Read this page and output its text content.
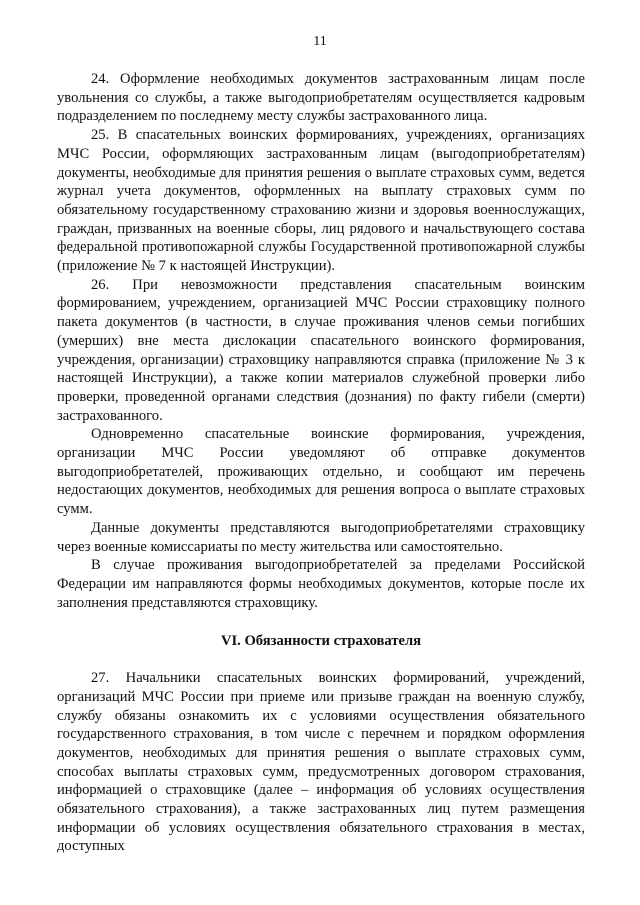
11

24. Оформление необходимых документов застрахованным лицам после увольнения со службы, а также выгодоприобретателям осуществляется кадровым подразделением по последнему месту службы застрахованного лица.

25. В спасательных воинских формированиях, учреждениях, организациях МЧС России, оформляющих застрахованным лицам (выгодоприобретателям) документы, необходимые для принятия решения о выплате страховых сумм, ведется журнал учета документов, оформленных на выплату страховых сумм по обязательному государственному страхованию жизни и здоровья военнослужащих, граждан, призванных на военные сборы, лиц рядового и начальствующего состава федеральной противопожарной службы Государственной противопожарной службы (приложение № 7 к настоящей Инструкции).

26. При невозможности представления спасательным воинским формированием, учреждением, организацией МЧС России страховщику полного пакета документов (в частности, в случае проживания членов семьи погибших (умерших) вне места дислокации спасательного воинского формирования, учреждения, организации) страховщику направляются справка (приложение № 3 к настоящей Инструкции), а также копии материалов служебной проверки либо проверки, проведенной органами следствия (дознания) по факту гибели (смерти) застрахованного.

Одновременно спасательные воинские формирования, учреждения, организации МЧС России уведомляют об отправке документов выгодоприобретателей, проживающих отдельно, и сообщают им перечень недостающих документов, необходимых для решения вопроса о выплате страховых сумм.

Данные документы представляются выгодоприобретателями страховщику через военные комиссариаты по месту жительства или самостоятельно.

В случае проживания выгодоприобретателей за пределами Российской Федерации им направляются формы необходимых документов, которые после их заполнения представляются страховщику.

VI. Обязанности страхователя

27. Начальники спасательных воинских формирований, учреждений, организаций МЧС России при приеме или призыве граждан на военную службу, службу обязаны ознакомить их с условиями осуществления обязательного государственного страхования, в том числе с перечнем и порядком оформления документов, необходимых для принятия решения о выплате страховых сумм, способах выплаты страховых сумм, предусмотренных договором страхования, информацией о страховщике (далее – информация об условиях осуществления обязательного страхования), а также застрахованных лиц путем размещения информации об условиях осуществления обязательного страхования в местах, доступных
